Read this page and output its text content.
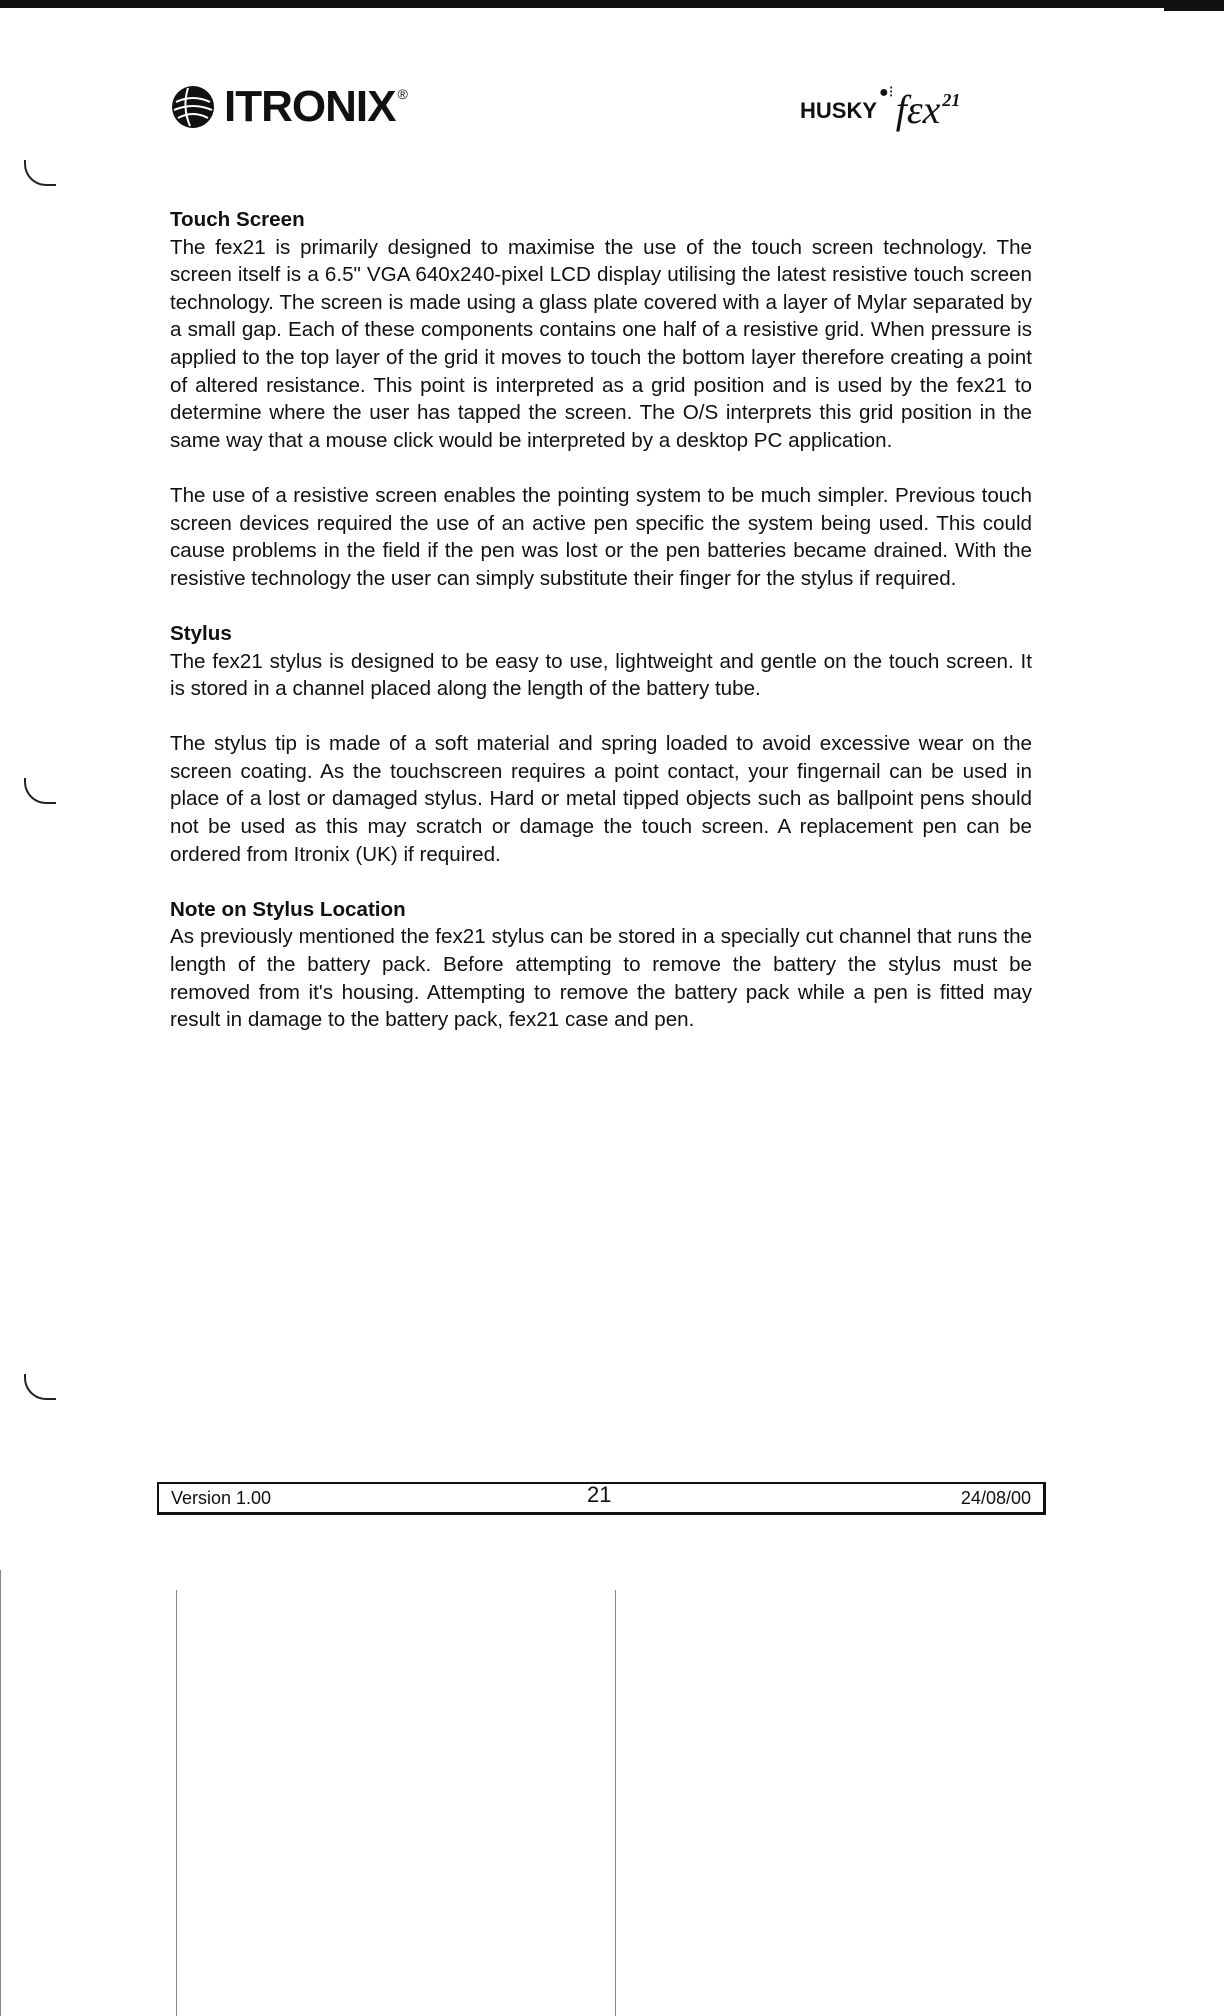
ITRONIX ®
HUSKY
●⁝ fεx 21
Touch Screen

The fex21 is primarily designed to maximise the use of the touch screen technology. The screen itself is a 6.5" VGA 640x240-pixel LCD display utilising the latest resistive touch screen technology. The screen is made using a glass plate covered with a layer of Mylar separated by a small gap. Each of these components contains one half of a resistive grid. When pressure is applied to the top layer of the grid it moves to touch the bottom layer therefore creating a point of altered resistance. This point is interpreted as a grid position and is used by the fex21 to determine where the user has tapped the screen. The O/S interprets this grid position in the same way that a mouse click would be interpreted by a desktop PC application.

The use of a resistive screen enables the pointing system to be much simpler. Previous touch screen devices required the use of an active pen specific the system being used. This could cause problems in the field if the pen was lost or the pen batteries became drained. With the resistive technology the user can simply substitute their finger for the stylus if required.

Stylus

The fex21 stylus is designed to be easy to use, lightweight and gentle on the touch screen. It is stored in a channel placed along the length of the battery tube.

The stylus tip is made of a soft material and spring loaded to avoid excessive wear on the screen coating. As the touchscreen requires a point contact, your fingernail can be used in place of a lost or damaged stylus. Hard or metal tipped objects such as ballpoint pens should not be used as this may scratch or damage the touch screen. A replacement pen can be ordered from Itronix (UK) if required.

Note on Stylus Location

As previously mentioned the fex21 stylus can be stored in a specially cut channel that runs the length of the battery pack. Before attempting to remove the battery the stylus must be removed from it's housing. Attempting to remove the battery pack while a pen is fitted may result in damage to the battery pack, fex21 case and pen.

Version 1.00	21	24/08/00
